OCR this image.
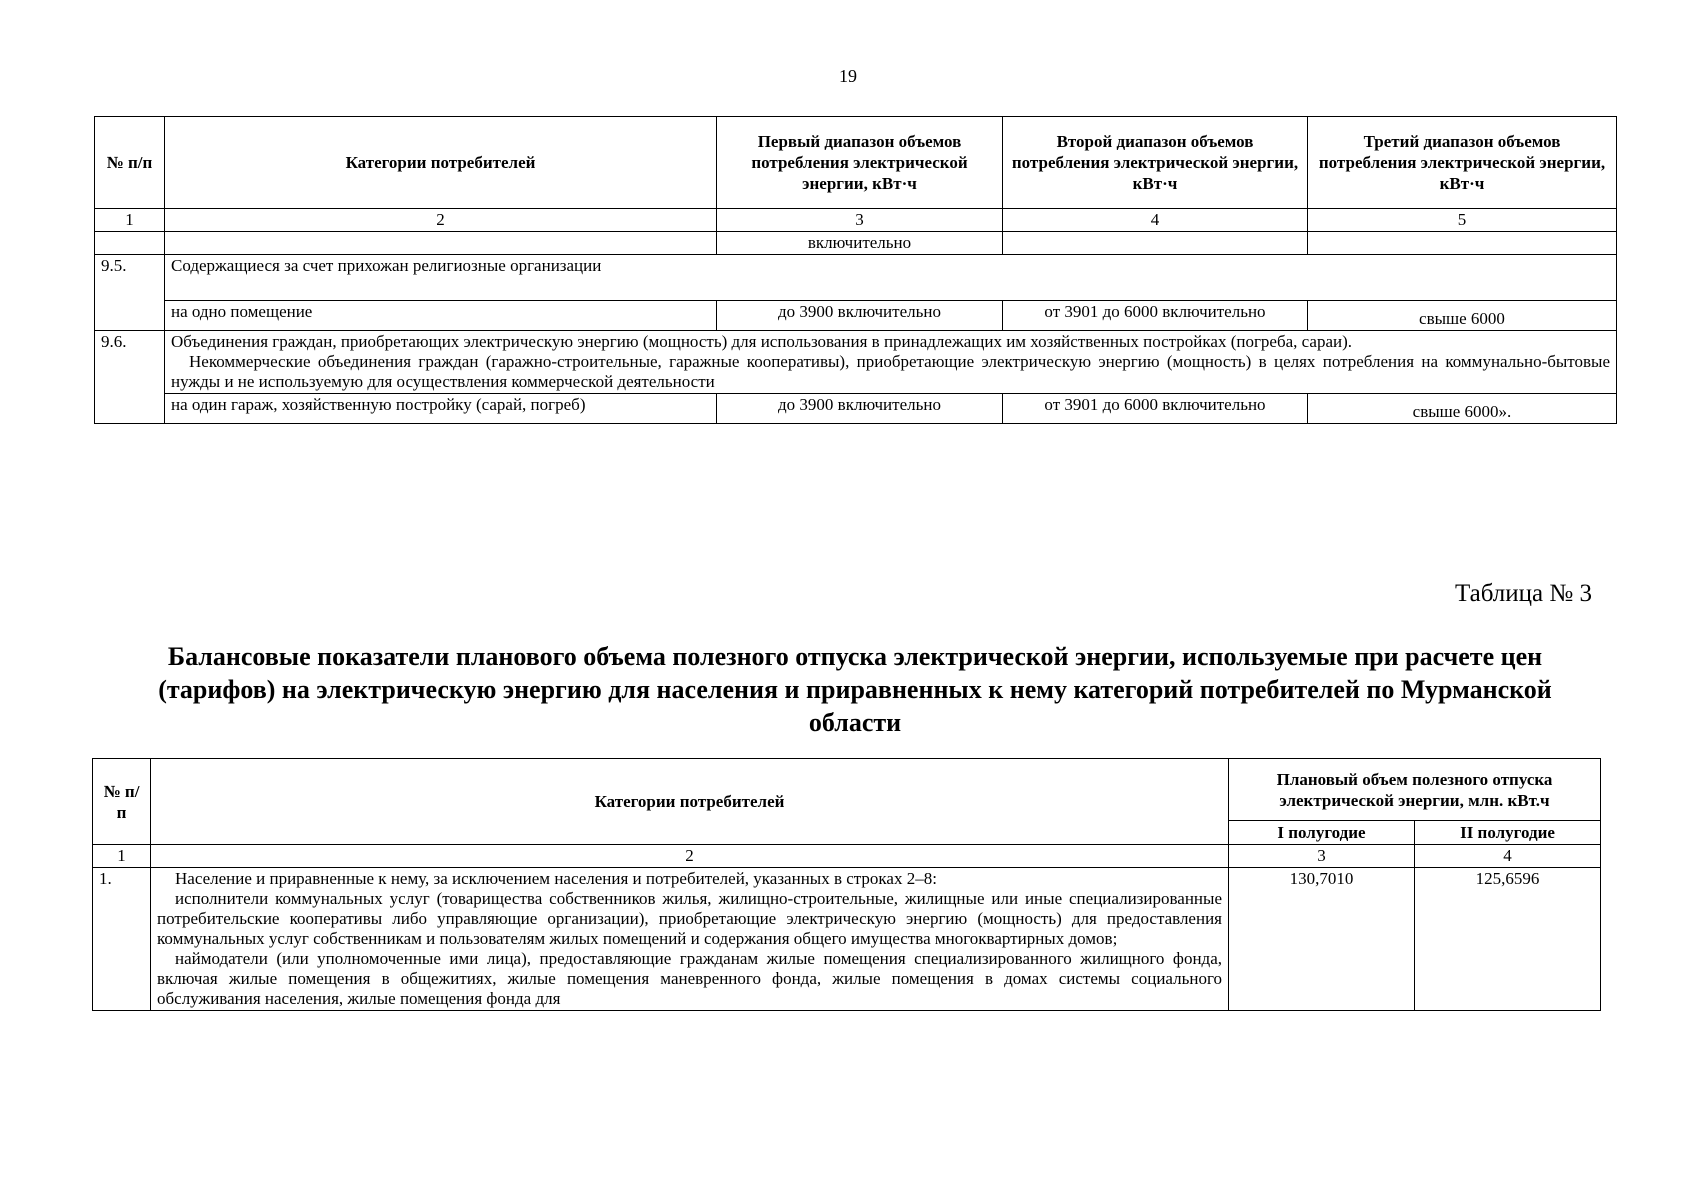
19
№ п/п	Категории потребителей	Первый диапазон объемов потребления электрической энергии, кВт·ч	Второй диапазон объемов потребления электрической энергии, кВт·ч	Третий диапазон объемов потребления электрической энергии, кВт·ч
1	2	3	4	5
		включительно		
9.5.	Содержащиеся за счет прихожан религиозные организации			
	на одно помещение	до 3900 включительно	от 3901 до 6000 включительно	свыше 6000
9.6.	Объединения граждан, приобретающих электрическую энергию (мощность) для использования в принадлежащих им хозяйственных постройках (погреба, сараи).
Некоммерческие объединения граждан (гаражно-строительные, гаражные кооперативы), приобретающие электрическую энергию (мощность) в целях потребления на коммунально-бытовые нужды и не используемую для осуществления коммерческой деятельности			

	на один гараж, хозяйственную постройку (сарай, погреб)	до 3900 включительно	от 3901 до 6000 включительно	свыше 6000».
Таблица № 3
Балансовые показатели планового объема полезного отпуска электрической энергии, используемые при расчете цен (тарифов) на электрическую энергию для населения и приравненных к нему категорий потребителей по Мурманской области
№ п/п	Категории потребителей	Плановый объем полезного отпуска электрической энергии, млн. кВт.ч	
		I полугодие	II полугодие
1	2	3	4
1.	Население и приравненные к нему, за исключением населения и потребителей, указанных в строках 2–8:
исполнители коммунальных услуг (товарищества собственников жилья, жилищно-строительные, жилищные или иные специализированные потребительские кооперативы либо управляющие организации), приобретающие электрическую энергию (мощность) для предоставления коммунальных услуг собственникам и пользователям жилых помещений и содержания общего имущества многоквартирных домов;
наймодатели (или уполномоченные ими лица), предоставляющие гражданам жилые помещения специализированного жилищного фонда, включая жилые помещения в общежитиях, жилые помещения маневренного фонда, жилые помещения в домах системы социального обслуживания населения, жилые помещения фонда для	130,7010	125,6596
